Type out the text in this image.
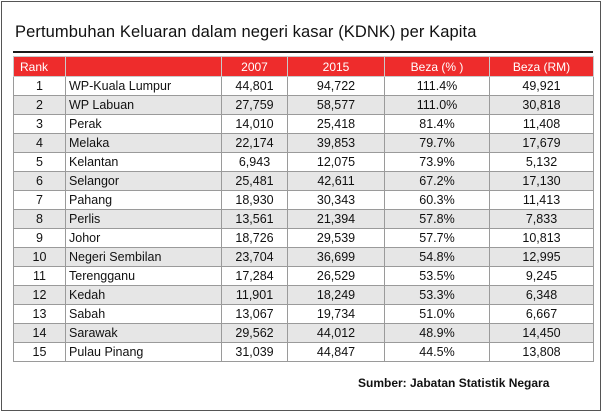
Pertumbuhan Keluaran dalam negeri kasar (KDNK) per Kapita
Rank		2007	2015	Beza (% )	Beza (RM)
1	WP-Kuala Lumpur	44,801	94,722	111.4%	49,921
2	WP Labuan	27,759	58,577	111.0%	30,818
3	Perak	14,010	25,418	81.4%	11,408
4	Melaka	22,174	39,853	79.7%	17,679
5	Kelantan	6,943	12,075	73.9%	5,132
6	Selangor	25,481	42,611	67.2%	17,130
7	Pahang	18,930	30,343	60.3%	11,413
8	Perlis	13,561	21,394	57.8%	7,833
9	Johor	18,726	29,539	57.7%	10,813
10	Negeri Sembilan	23,704	36,699	54.8%	12,995
11	Terengganu	17,284	26,529	53.5%	9,245
12	Kedah	11,901	18,249	53.3%	6,348
13	Sabah	13,067	19,734	51.0%	6,667
14	Sarawak	29,562	44,012	48.9%	14,450
15	Pulau Pinang	31,039	44,847	44.5%	13,808
Sumber: Jabatan Statistik Negara
